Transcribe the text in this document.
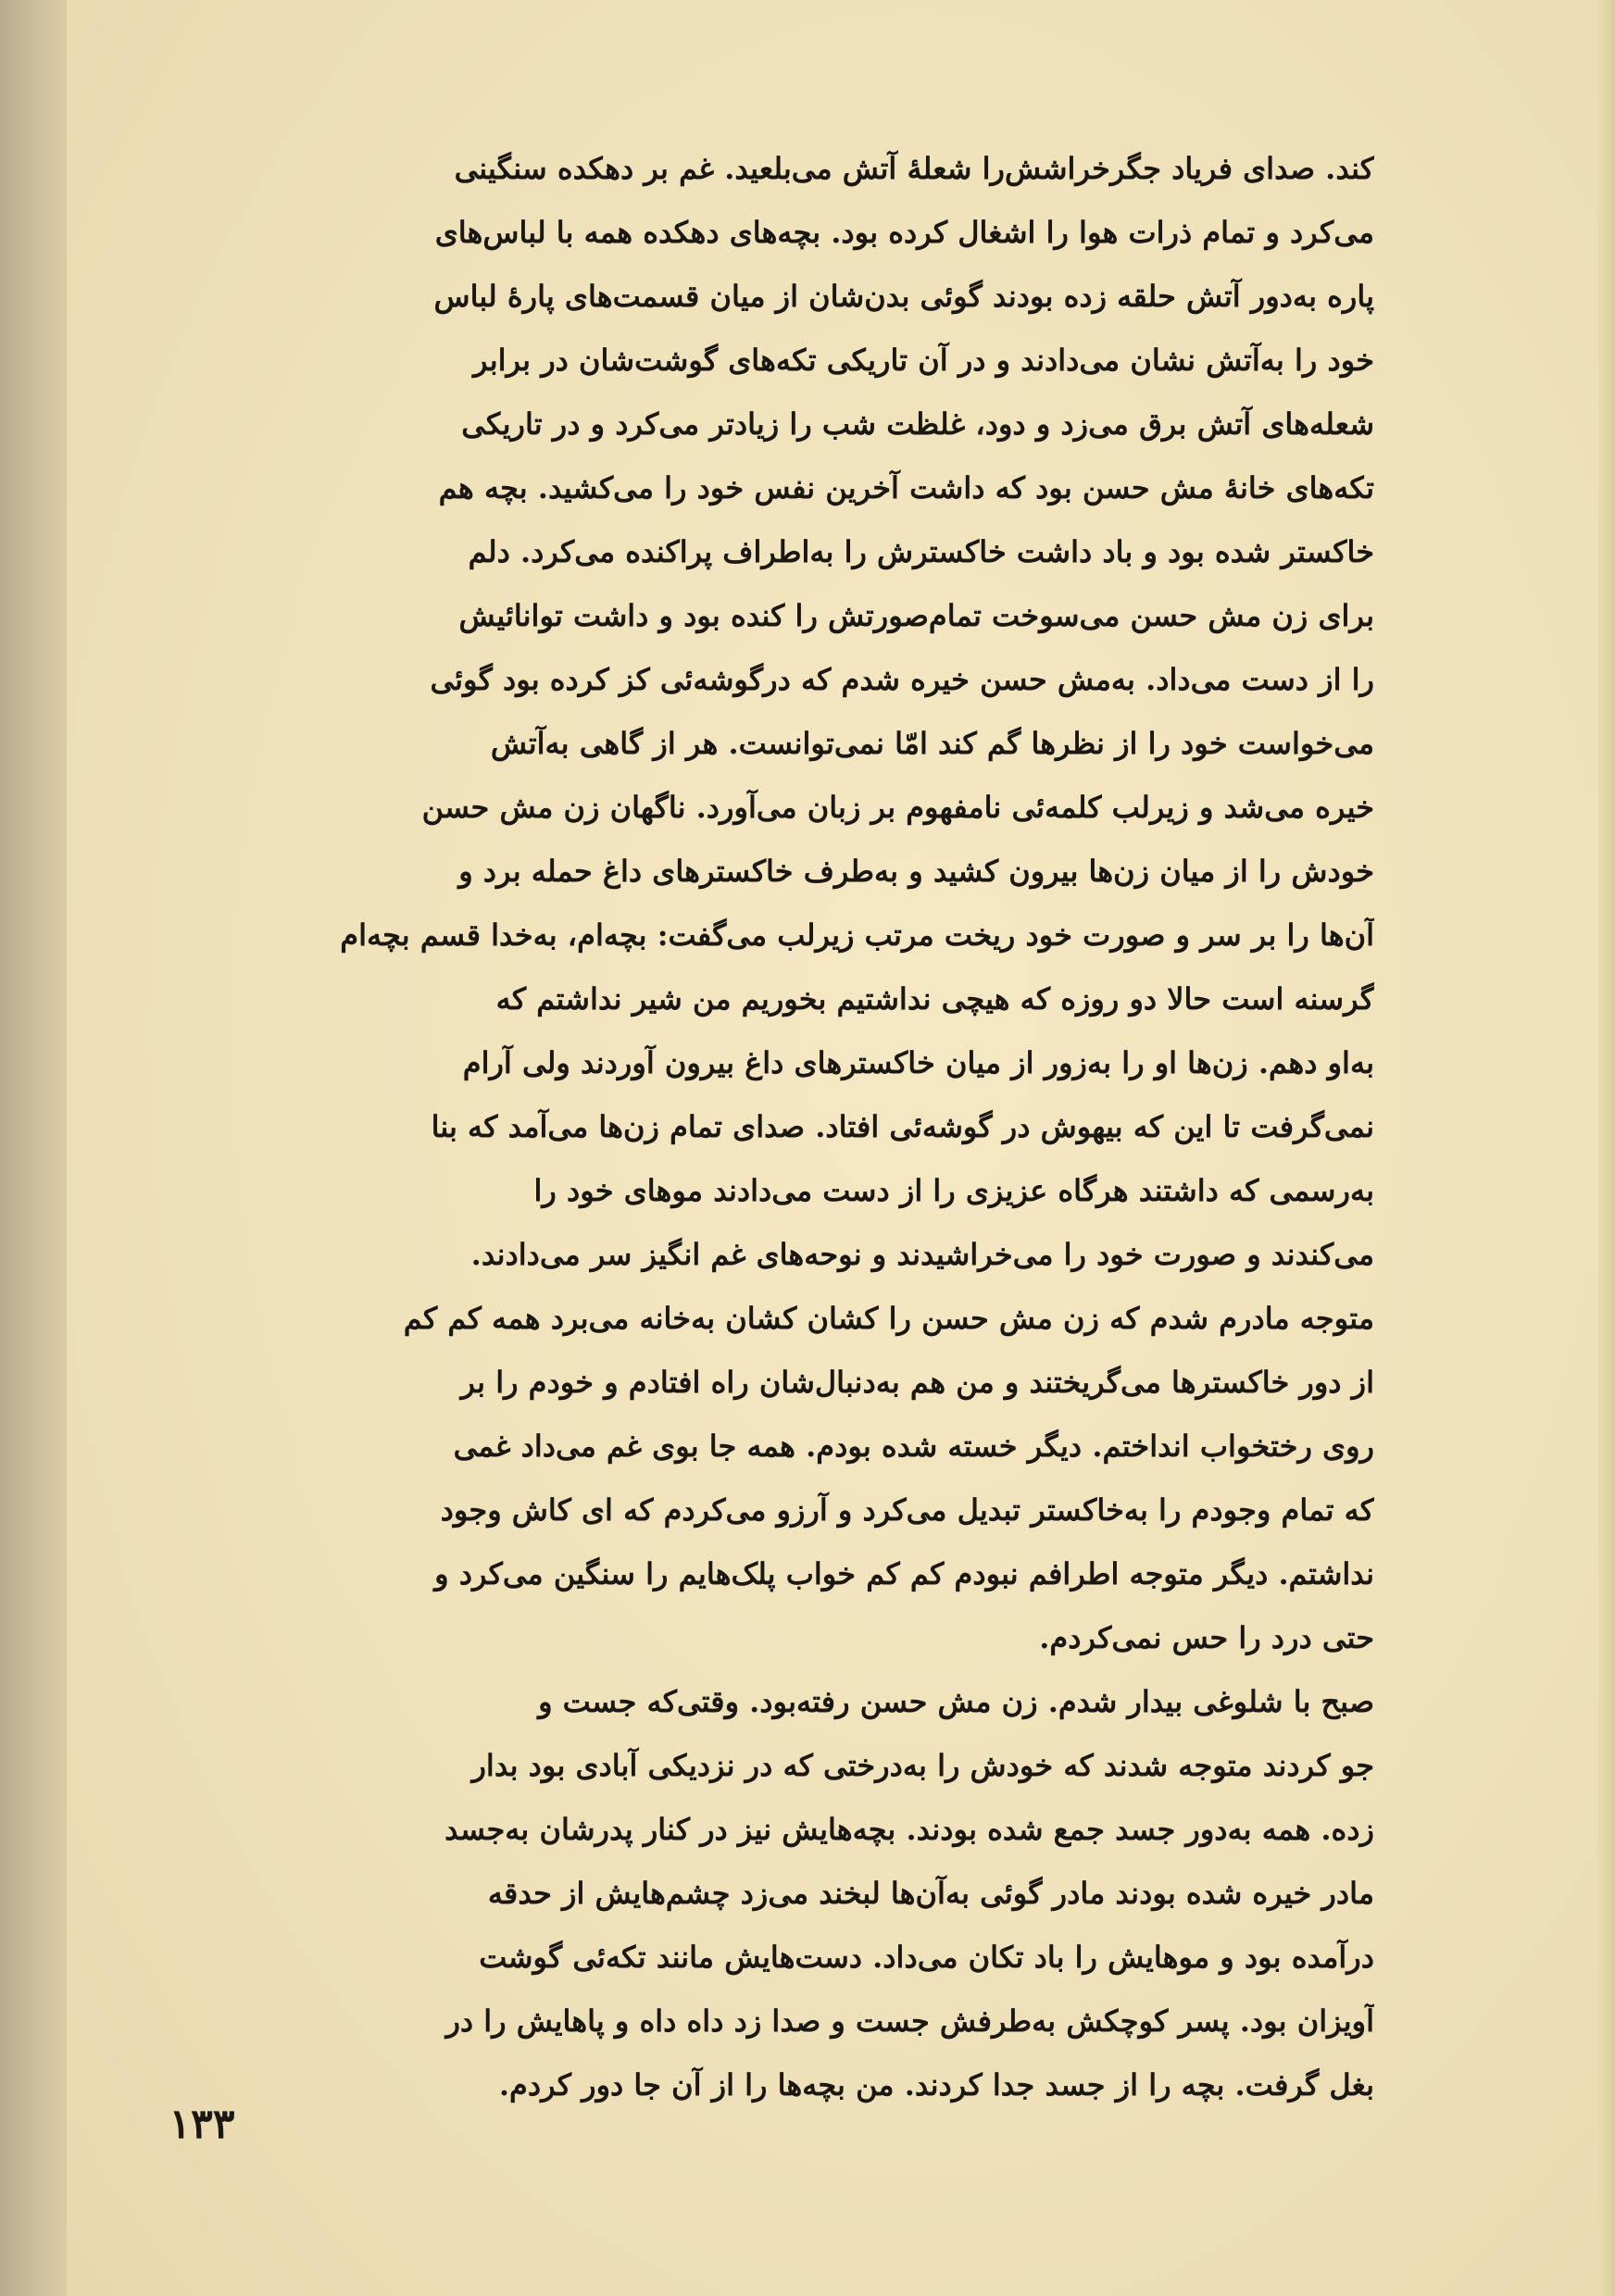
کند. صدای فریاد جگرخراشش‌را شعلهٔ آتش می‌بلعید. غم بر دهکده سنگینی
می‌کرد و تمام ذرات هوا را اشغال کرده بود. بچه‌های دهکده همه با لباس‌های
پاره به‌دور آتش حلقه زده بودند گوئی بدن‌شان از میان قسمت‌های پارهٔ لباس
خود را به‌آتش نشان می‌دادند و در آن تاریکی تکه‌های گوشت‌شان در برابر
شعله‌های آتش برق می‌زد و دود، غلظت شب را زیادتر می‌کرد و در تاریکی
تکه‌های خانهٔ مش حسن بود که داشت آخرین نفس خود را می‌کشید. بچه هم
خاکستر شده بود و باد داشت خاکسترش را به‌اطراف پراکنده می‌کرد. دلم
برای زن مش حسن می‌سوخت تمام‌صورتش را کنده بود و داشت توانائیش
را از دست می‌داد. به‌مش حسن خیره شدم که درگوشه‌ئی کز کرده بود گوئی
می‌خواست خود را از نظرها گم کند امّا نمی‌توانست. هر از گاهی به‌آتش
خیره می‌شد و زیرلب کلمه‌ئی نامفهوم بر زبان می‌آورد. ناگهان زن مش حسن
خودش را از میان زن‌ها بیرون کشید و به‌طرف خاکسترهای داغ حمله برد و
آن‌ها را بر سر و صورت خود ریخت مرتب زیرلب می‌گفت: بچه‌ام، به‌خدا قسم بچه‌ام
گرسنه است حالا دو روزه که هیچی نداشتیم بخوریم من شیر نداشتم که
به‌او دهم. زن‌ها او را به‌زور از میان خاکسترهای داغ بیرون آوردند ولی آرام
نمی‌گرفت تا این که بیهوش در گوشه‌ئی افتاد. صدای تمام زن‌ها می‌آمد که بنا
به‌رسمی که داشتند هرگاه عزیزی را از دست می‌دادند موهای خود را
می‌کندند و صورت خود را می‌خراشیدند و نوحه‌های غم انگیز سر می‌دادند.
متوجه مادرم شدم که زن مش حسن را کشان کشان به‌خانه می‌برد همه کم کم
از دور خاکسترها می‌گریختند و من هم به‌دنبال‌شان راه افتادم و خودم را بر
روی رختخواب انداختم. دیگر خسته شده بودم. همه جا بوی غم می‌داد غمی
که تمام وجودم را به‌خاکستر تبدیل می‌کرد و آرزو می‌کردم که ای کاش وجود
نداشتم. دیگر متوجه اطرافم نبودم کم کم خواب پلک‌هایم را سنگین می‌کرد و
حتی درد را حس نمی‌کردم.
صبح با شلوغی بیدار شدم. زن مش حسن رفته‌بود. وقتی‌که جست و
جو کردند متوجه شدند که خودش را به‌درختی که در نزدیکی آبادی بود بدار
زده. همه به‌دور جسد جمع شده بودند. بچه‌هایش نیز در کنار پدرشان به‌جسد
مادر خیره شده بودند مادر گوئی به‌آن‌ها لبخند می‌زد چشم‌هایش از حدقه
درآمده بود و موهایش را باد تکان می‌داد. دست‌هایش مانند تکه‌ئی گوشت
آویزان بود. پسر کوچکش به‌طرفش جست و صدا زد داه داه و پاهایش را در
بغل گرفت. بچه را از جسد جدا کردند. من بچه‌ها را از آن جا دور کردم.
۱۳۳
